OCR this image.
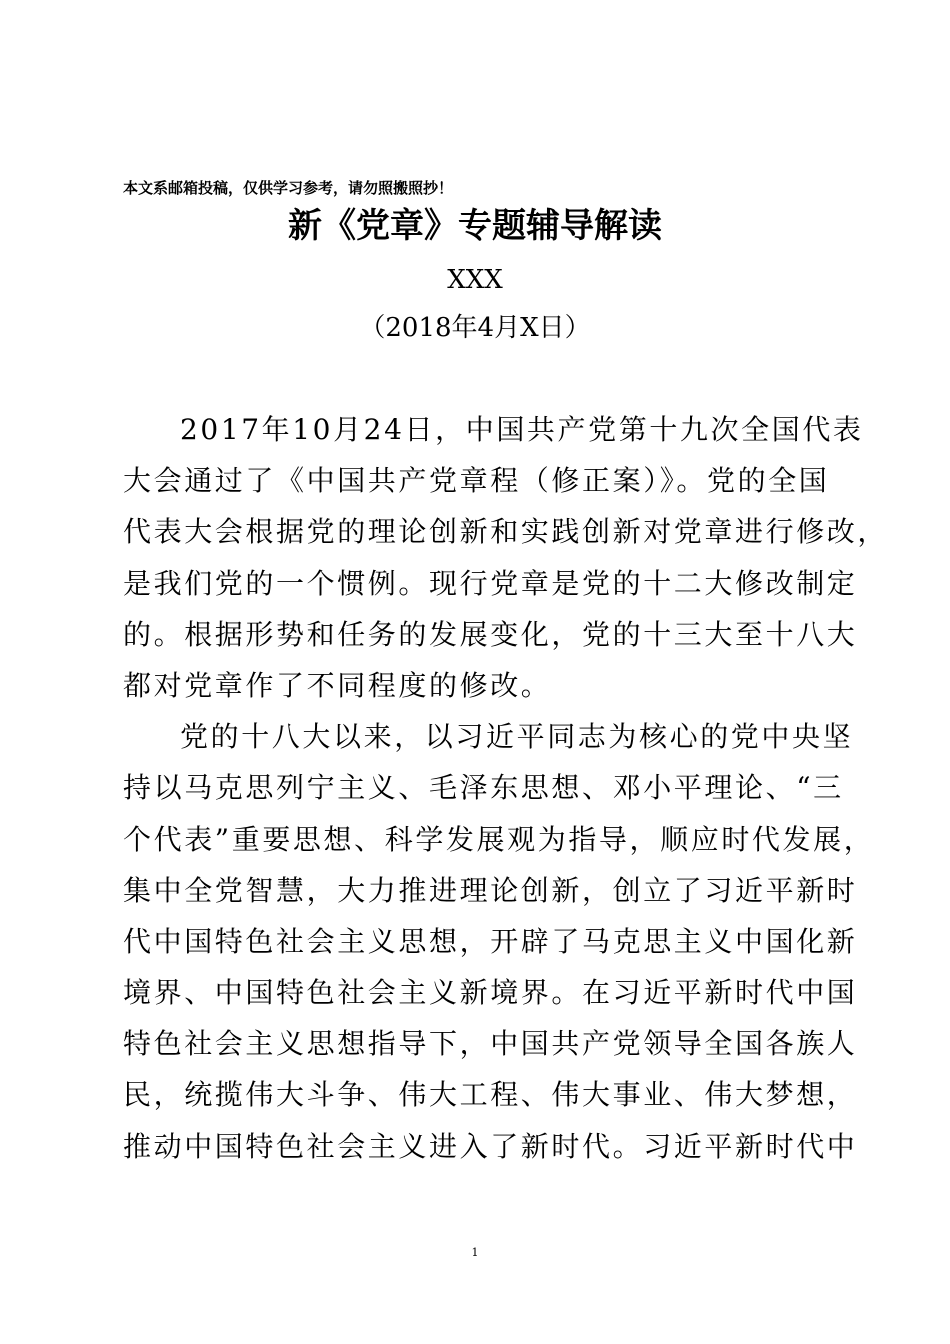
本文系邮箱投稿，仅供学习参考，请勿照搬照抄！
新《党章》专题辅导解读
XXX
（2018年4月X日）
2017年10月24日，中国共产党第十九次全国代表
大会通过了《中国共产党章程（修正案）》。党的全国
代表大会根据党的理论创新和实践创新对党章进行修改，
是我们党的一个惯例。现行党章是党的十二大修改制定
的。根据形势和任务的发展变化，党的十三大至十八大
都对党章作了不同程度的修改。
党的十八大以来，以习近平同志为核心的党中央坚
持以马克思列宁主义、毛泽东思想、邓小平理论、“三
个代表”重要思想、科学发展观为指导，顺应时代发展，
集中全党智慧，大力推进理论创新，创立了习近平新时
代中国特色社会主义思想，开辟了马克思主义中国化新
境界、中国特色社会主义新境界。在习近平新时代中国
特色社会主义思想指导下，中国共产党领导全国各族人
民，统揽伟大斗争、伟大工程、伟大事业、伟大梦想，
推动中国特色社会主义进入了新时代。习近平新时代中
1
